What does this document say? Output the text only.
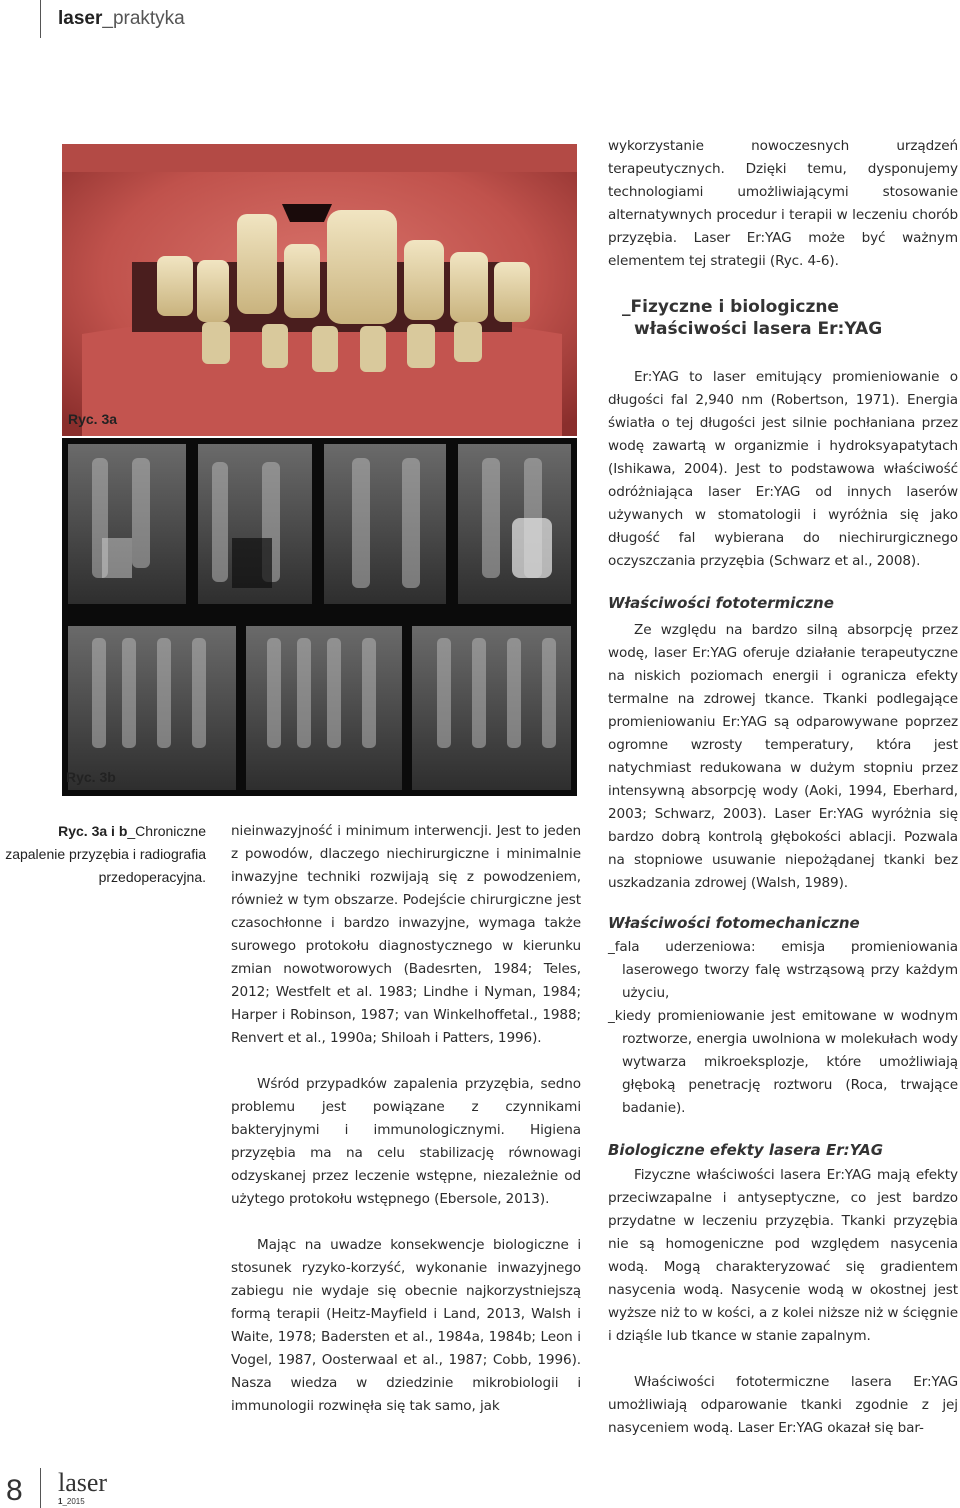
laser_praktyka
Ryc. 3a
Ryc. 3b
Ryc. 3a i b_Chroniczne zapalenie przyzębia i radiografia przedoperacyjna.

nieinwazyjność i minimum interwencji. Jest to jeden z powodów, dlaczego niechirurgiczne i minimalnie inwazyjne techniki rozwijają się z powodzeniem, również w tym obszarze. Podejście chirurgiczne jest czasochłonne i bardzo inwazyjne, wymaga także surowego protokołu diagnostycznego w kierunku zmian nowotworowych (Badesrten, 1984; Teles, 2012; Westfelt et al. 1983; Lindhe i Nyman, 1984; Harper i Robinson, 1987; van Winkelhoffetal., 1988; Renvert et al., 1990a; Shiloah i Patters, 1996).

Wśród przypadków zapalenia przyzębia, sedno problemu jest powiązane z czynnikami bakteryjnymi i immunologicznymi. Higiena przyzębia ma na celu stabilizację równowagi odzyskanej przez leczenie wstępne, niezależnie od użytego protokołu wstępnego (Ebersole, 2013).

Mając na uwadze konsekwencje biologiczne i stosunek ryzyko-korzyść, wykonanie inwazyjnego zabiegu nie wydaje się obecnie najkorzystniejszą formą terapii (Heitz-Mayfield i Land, 2013, Walsh i Waite, 1978; Badersten et al., 1984a, 1984b; Leon i Vogel, 1987, Oosterwaal et al., 1987; Cobb, 1996). Nasza wiedza w dziedzinie mikrobiologii i immunologii rozwinęła się tak samo, jak

wykorzystanie nowoczesnych urządzeń terapeutycznych. Dzięki temu, dysponujemy technologiami umożliwiającymi stosowanie alternatywnych procedur i terapii w leczeniu chorób przyzębia. Laser Er:YAG może być ważnym elementem tej strategii (Ryc. 4-6).

_Fizyczne i biologiczne
właściwości lasera Er:YAG

Er:YAG to laser emitujący promieniowanie o długości fal 2,940 nm (Robertson, 1971). Energia światła o tej długości jest silnie pochłaniana przez wodę zawartą w organizmie i hydroksyapatytach (Ishikawa, 2004). Jest to podstawowa właściwość odróżniająca laser Er:YAG od innych laserów używanych w stomatologii i wyróżnia się jako długość fal wybierana do niechirurgicznego oczyszczania przyzębia (Schwarz et al., 2008).

Właściwości fototermiczne

Ze względu na bardzo silną absorpcję przez wodę, laser Er:YAG oferuje działanie terapeutyczne na niskich poziomach energii i ogranicza efekty termalne na zdrowej tkance. Tkanki podlegające promieniowaniu Er:YAG są odparowywane poprzez ogromne wzrosty temperatury, która jest natychmiast redukowana w dużym stopniu przez intensywną absorpcję wody (Aoki, 1994, Eberhard, 2003; Schwarz, 2003). Laser Er:YAG wyróżnia się bardzo dobrą kontrolą głębokości ablacji. Pozwala na stopniowe usuwanie niepożądanej tkanki bez uszkadzania zdrowej (Walsh, 1989).

Właściwości fotomechaniczne
_fala uderzeniowa: emisja promieniowania laserowego tworzy falę wstrząsową przy każdym użyciu,
_kiedy promieniowanie jest emitowane w wodnym roztworze, energia uwolniona w molekułach wody wytwarza mikroeksplozje, które umożliwiają głęboką penetrację roztworu (Roca, trwające badanie).
Biologiczne efekty lasera Er:YAG

Fizyczne właściwości lasera Er:YAG mają efekty przeciwzapalne i antyseptyczne, co jest bardzo przydatne w leczeniu przyzębia. Tkanki przyzębia nie są homogeniczne pod względem nasycenia wodą. Mogą charakteryzować się gradientem nasycenia wodą. Nasycenie wodą w okostnej jest wyższe niż to w kości, a z kolei niższe niż w ścięgnie i dziąśle lub tkance w stanie zapalnym.

Właściwości fototermiczne lasera Er:YAG umożliwiają odparowanie tkanki zgodnie z jej nasyceniem wodą. Laser Er:YAG okazał się bar-

8 laser
1_2015
